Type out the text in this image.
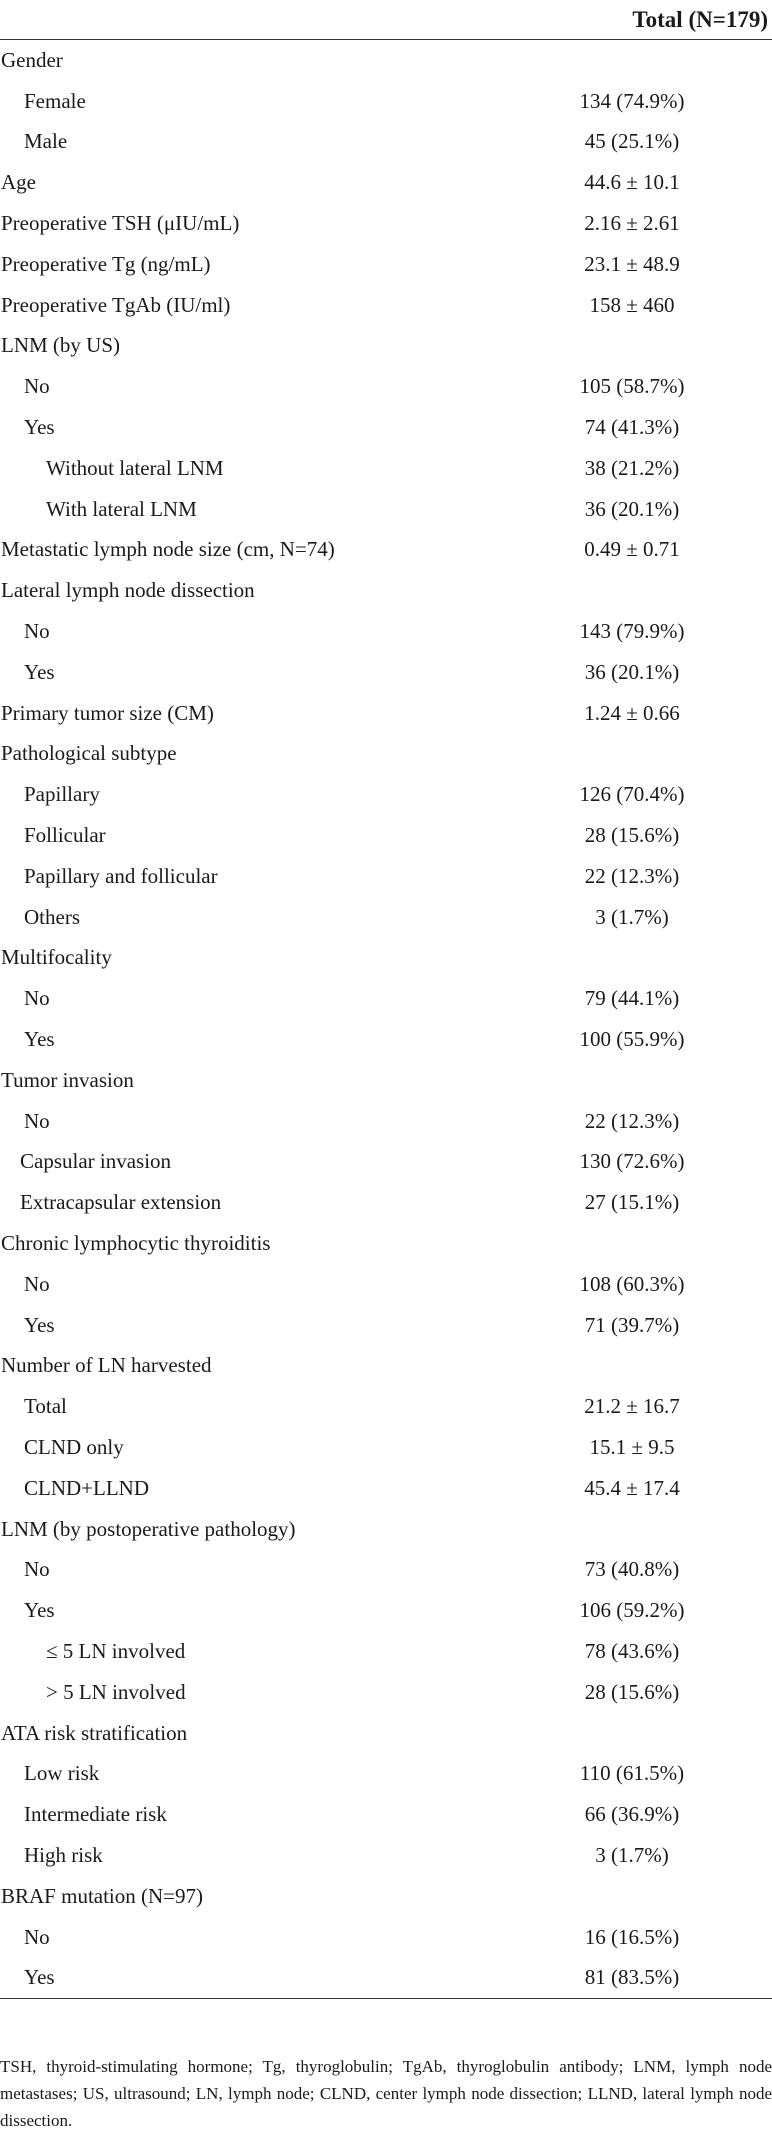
	Total (N=179)
Gender	
Female	134 (74.9%)
Male	45 (25.1%)
Age	44.6 ± 10.1
Preoperative TSH (μIU/mL)	2.16 ± 2.61
Preoperative Tg (ng/mL)	23.1 ± 48.9
Preoperative TgAb (IU/ml)	158 ± 460
LNM (by US)	
No	105 (58.7%)
Yes	74 (41.3%)
Without lateral LNM	38 (21.2%)
With lateral LNM	36 (20.1%)
Metastatic lymph node size (cm, N=74)	0.49 ± 0.71
Lateral lymph node dissection	
No	143 (79.9%)
Yes	36 (20.1%)
Primary tumor size (CM)	1.24 ± 0.66
Pathological subtype	
Papillary	126 (70.4%)
Follicular	28 (15.6%)
Papillary and follicular	22 (12.3%)
Others	3 (1.7%)
Multifocality	
No	79 (44.1%)
Yes	100 (55.9%)
Tumor invasion	
No	22 (12.3%)
Capsular invasion	130 (72.6%)
Extracapsular extension	27 (15.1%)
Chronic lymphocytic thyroiditis	
No	108 (60.3%)
Yes	71 (39.7%)
Number of LN harvested	
Total	21.2 ± 16.7
CLND only	15.1 ± 9.5
CLND+LLND	45.4 ± 17.4
LNM (by postoperative pathology)	
No	73 (40.8%)
Yes	106 (59.2%)
≤ 5 LN involved	78 (43.6%)
> 5 LN involved	28 (15.6%)
ATA risk stratification	
Low risk	110 (61.5%)
Intermediate risk	66 (36.9%)
High risk	3 (1.7%)
BRAF mutation (N=97)	
No	16 (16.5%)
Yes	81 (83.5%)

TSH, thyroid-stimulating hormone; Tg, thyroglobulin; TgAb, thyroglobulin antibody; LNM, lymph node metastases; US, ultrasound; LN, lymph node; CLND, center lymph node dissection; LLND, lateral lymph node dissection.
